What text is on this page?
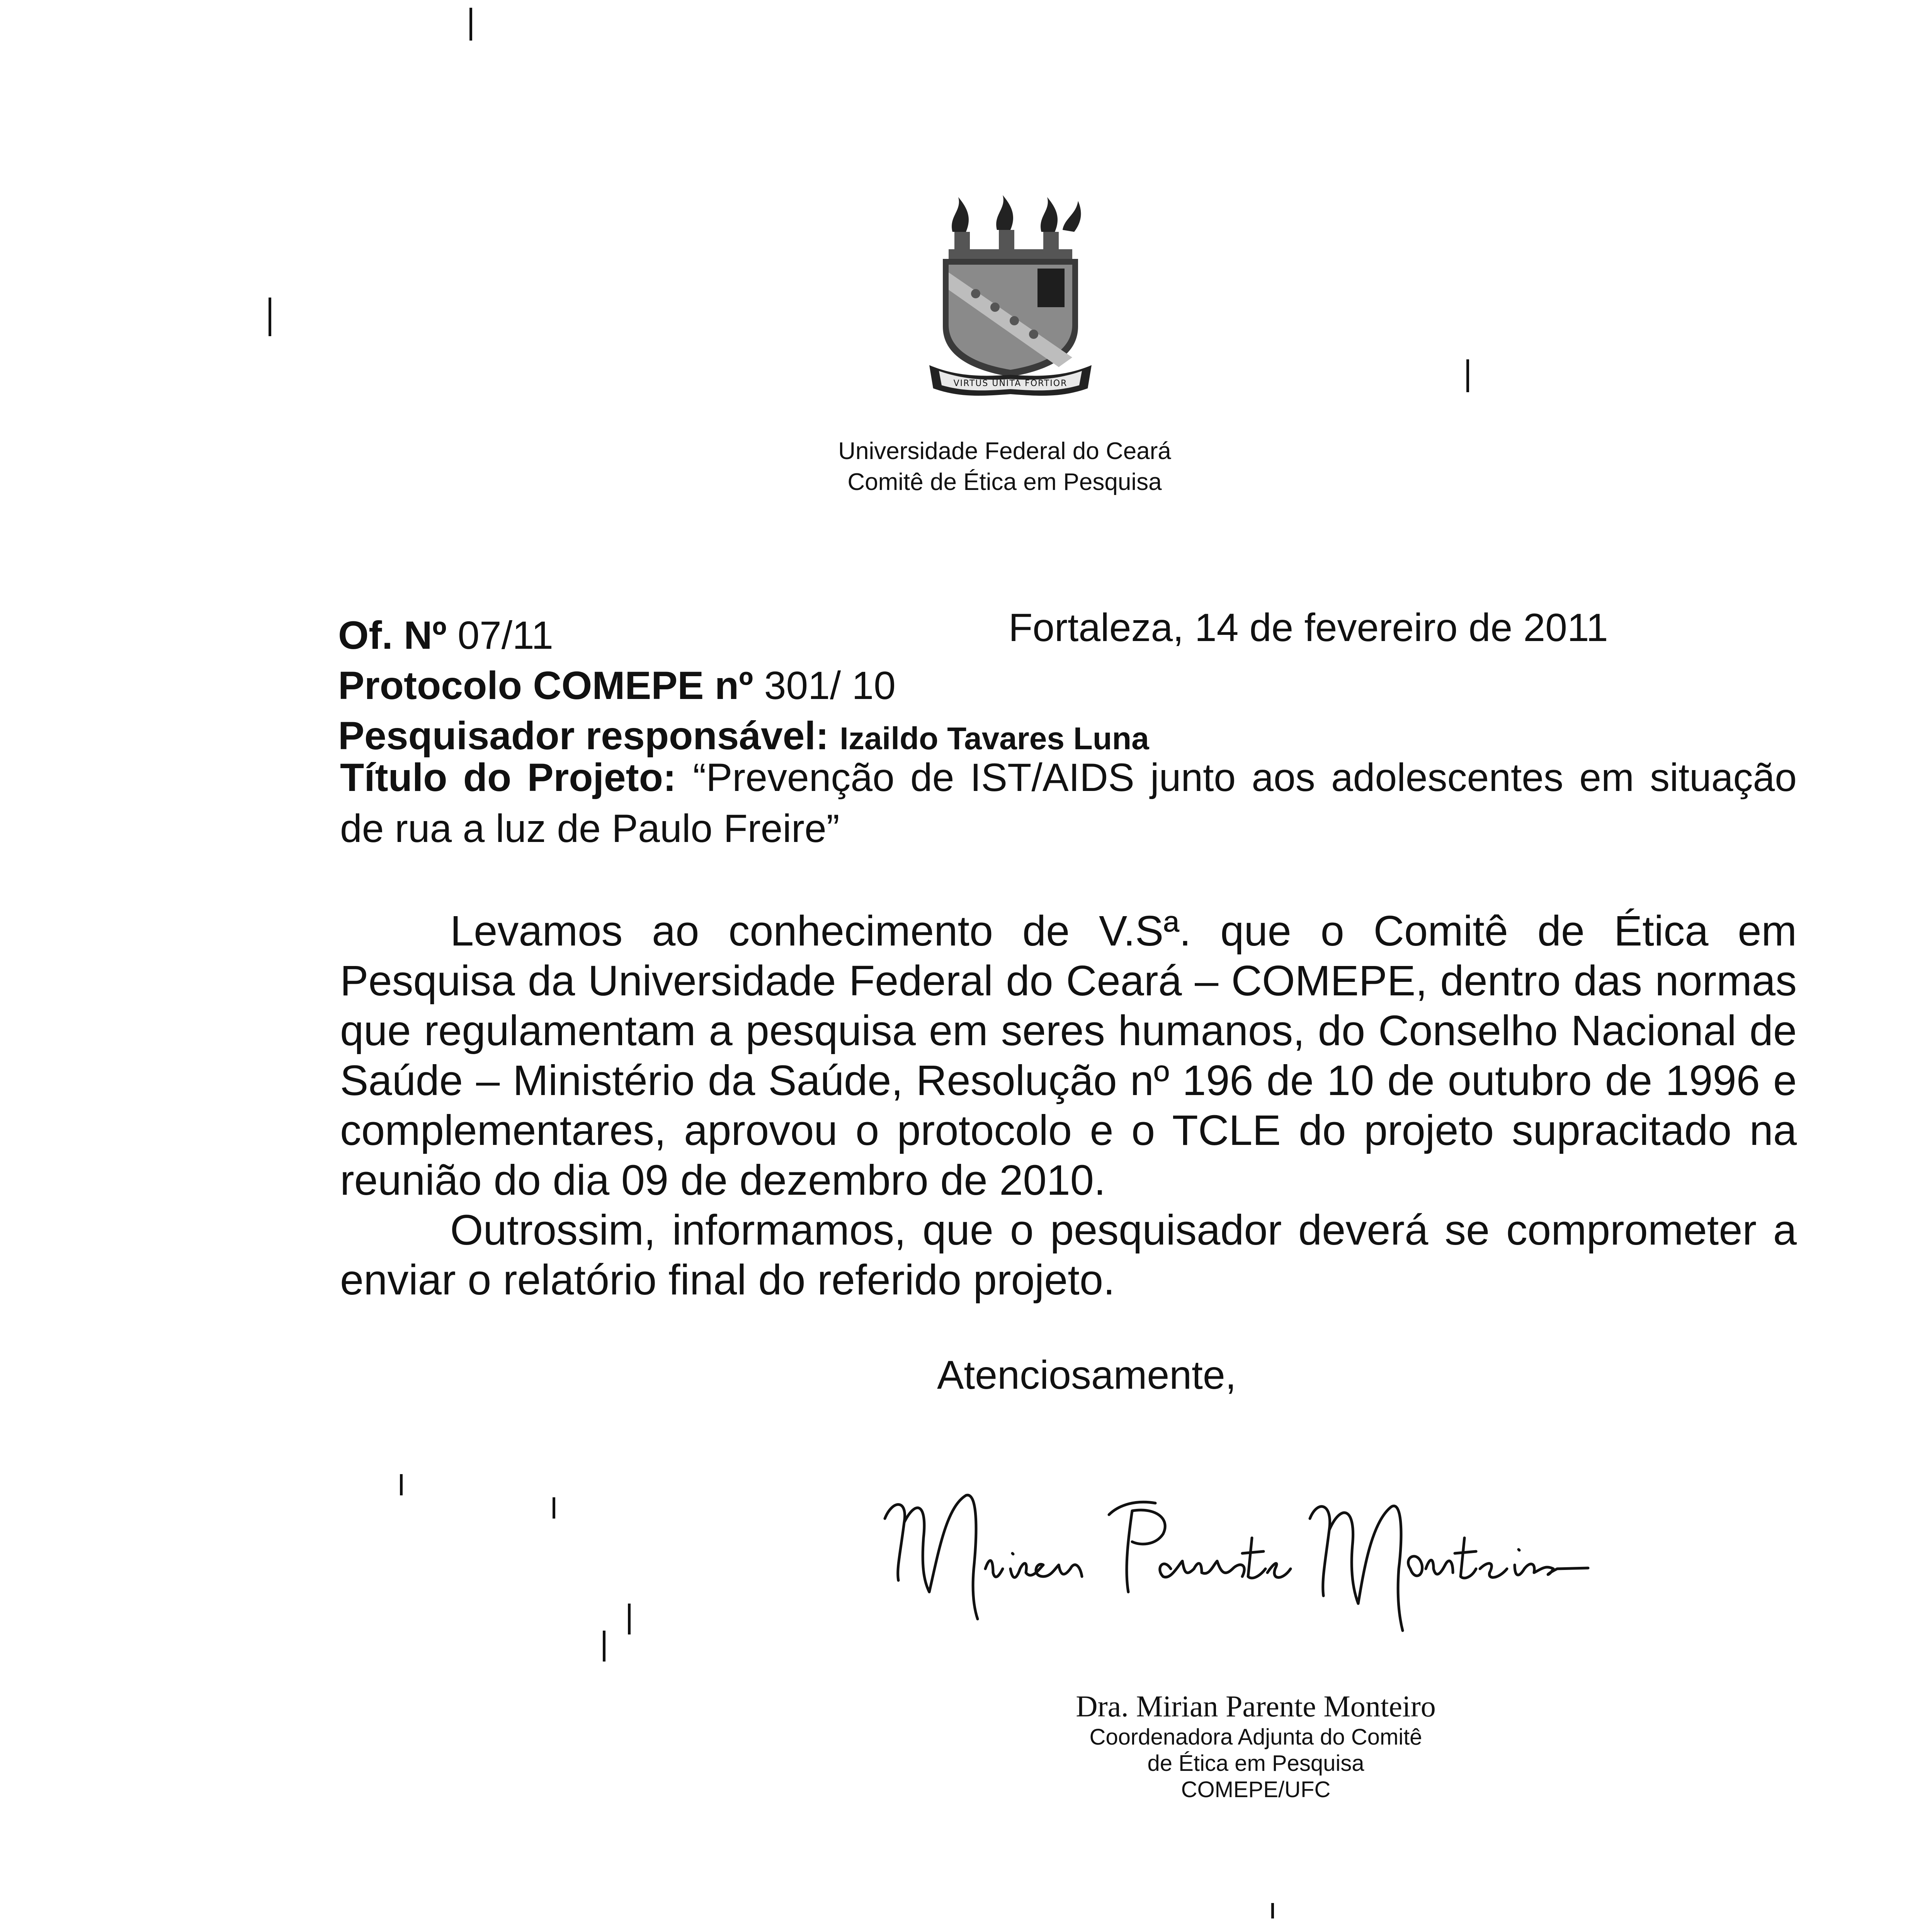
VIRTUS UNITA FORTIOR
Universidade Federal do Ceará
Comitê de Ética em Pesquisa
Of. Nº 07/11	Fortaleza, 14 de fevereiro de 2011
Protocolo COMEPE nº 301/ 10
Pesquisador responsável: Izaildo Tavares Luna
Título do Projeto: “Prevenção de IST/AIDS junto aos adolescentes em situação de rua a luz de Paulo Freire”

Levamos ao conhecimento de V.Sª. que o Comitê de Ética em Pesquisa da Universidade Federal do Ceará – COMEPE, dentro das normas que regulamentam a pesquisa em seres humanos, do Conselho Nacional de Saúde – Ministério da Saúde, Resolução nº 196 de 10 de outubro de 1996 e complementares, aprovou o protocolo e o TCLE do projeto supracitado na reunião do dia 09 de dezembro de 2010.

Outrossim, informamos, que o pesquisador deverá se comprometer a enviar o relatório final do referido projeto.

Atenciosamente,
Dra. Mirian Parente Monteiro
Coordenadora Adjunta do Comitê
de Ética em Pesquisa
COMEPE/UFC
